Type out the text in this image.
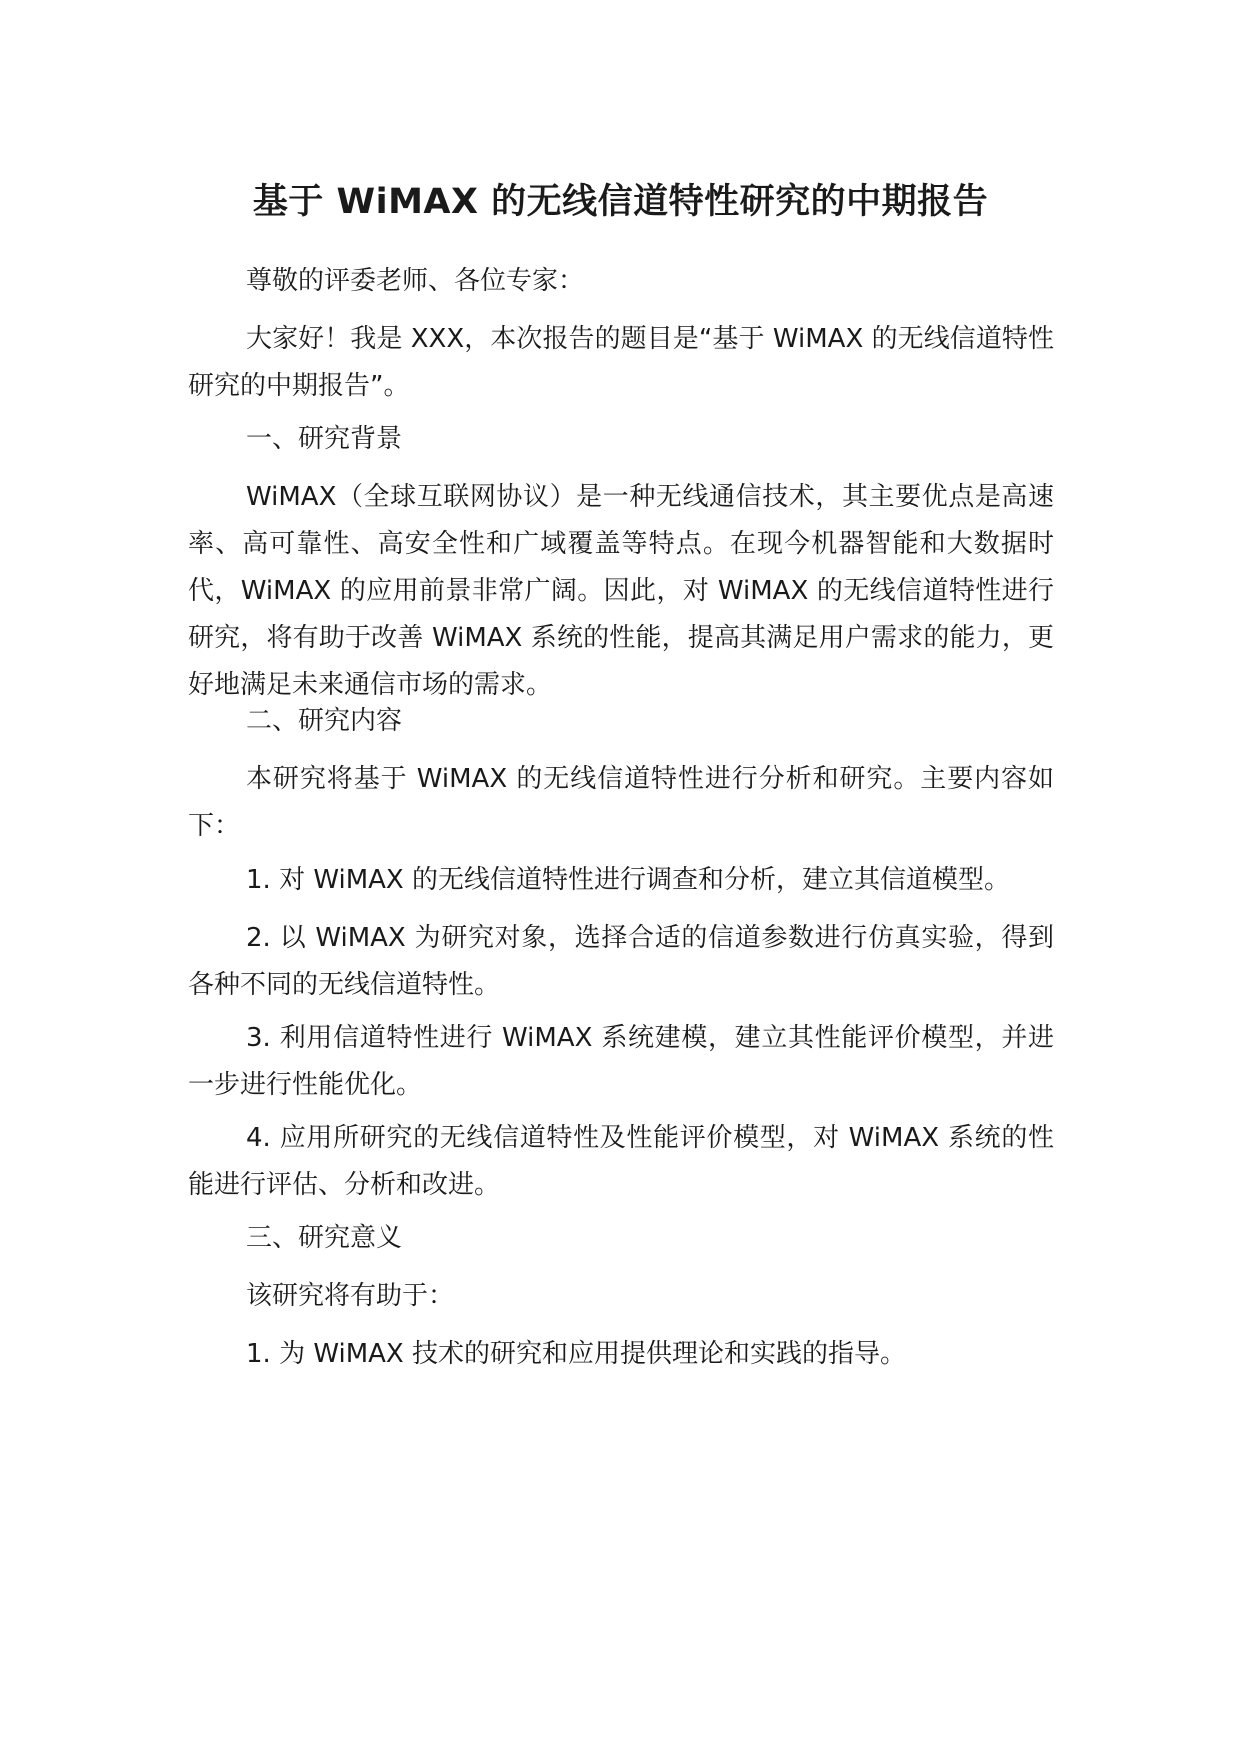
基于 WiMAX 的无线信道特性研究的中期报告

尊敬的评委老师、各位专家：

大家好！我是 XXX，本次报告的题目是“基于 WiMAX 的无线信道特性研究的中期报告”。

一、研究背景

WiMAX（全球互联网协议）是一种无线通信技术，其主要优点是高速率、高可靠性、高安全性和广域覆盖等特点。在现今机器智能和大数据时代，WiMAX 的应用前景非常广阔。因此，对 WiMAX 的无线信道特性进行研究，将有助于改善 WiMAX 系统的性能，提高其满足用户需求的能力，更好地满足未来通信市场的需求。

二、研究内容

本研究将基于 WiMAX 的无线信道特性进行分析和研究。主要内容如下：

1. 对 WiMAX 的无线信道特性进行调查和分析，建立其信道模型。

2. 以 WiMAX 为研究对象，选择合适的信道参数进行仿真实验，得到各种不同的无线信道特性。

3. 利用信道特性进行 WiMAX 系统建模，建立其性能评价模型，并进一步进行性能优化。

4. 应用所研究的无线信道特性及性能评价模型，对 WiMAX 系统的性能进行评估、分析和改进。

三、研究意义

该研究将有助于：

1. 为 WiMAX 技术的研究和应用提供理论和实践的指导。
